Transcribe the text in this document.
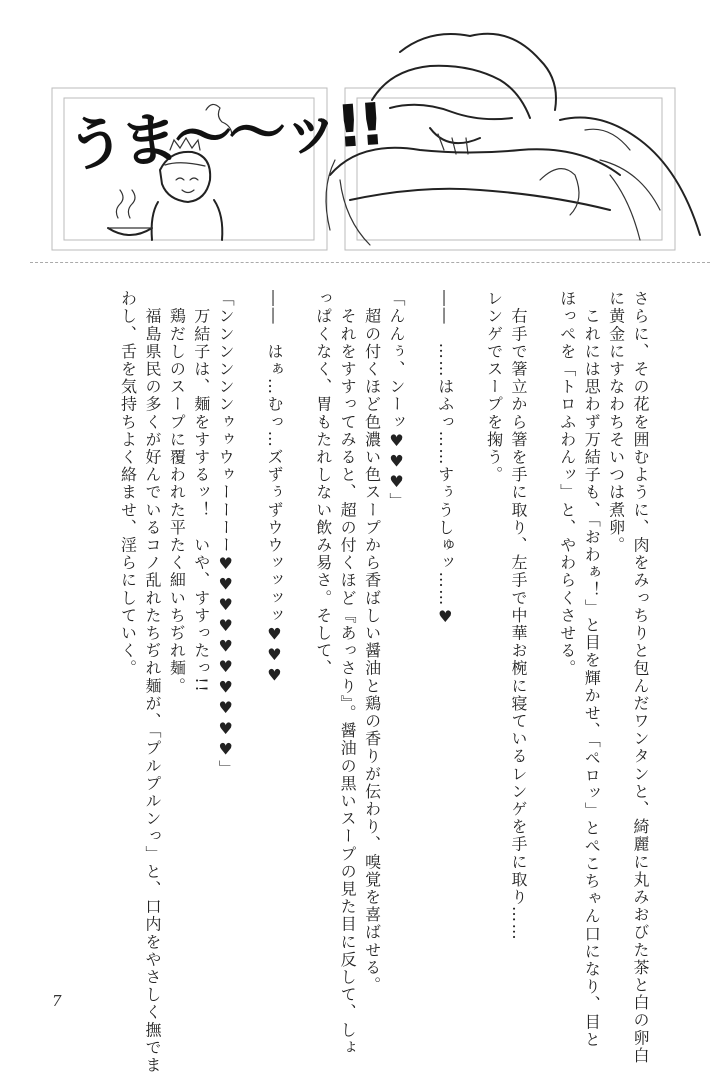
うま〜〜ッ!!
さらに、その花を囲むように、肉をみっちりと包んだワンタンと、綺麗に丸みおびた茶と白の卵白
に黄金にすなわちそいつは煮卵。
　これには思わず万結子も、「おわぁ！」と目を輝かせ、「ペロッ」とぺこちゃん口になり、目と
ほっぺを「トロふわんッ」と、やわらくさせる。
　右手で箸立から箸を手に取り、左手で中華お椀に寝ているレンゲを手に取り……
レンゲでスープを掬う。
――　……はふっ……すぅうしゅッ……♥
「んんぅ、ンーッ♥♥♥」
　超の付くほど色濃い色スープから香ばしい醤油と鶏の香りが伝わり、嗅覚を喜ばせる。
　それをすすってみると、超の付くほど『あっさり』。醤油の黒いスープの見た目に反して、しょ
っぱくなく、胃もたれしない飲み易さ。そして、
――　はぁ…むっ…ズずぅずウウッッッッ♥♥♥
「ンンンンンンゥゥウゥーーーー♥♥♥♥♥♥♥♥♥♥」
　万結子は、麺をすするッ！　いや、すすったっ!!
　鶏だしのスープに覆われた平たく細いちぢれ麺。
　福島県民の多くが好んでいるコノ乱れたちぢれ麺が、「プルプルンっ」と、口内をやさしく撫でま
わし、舌を気持ちよく絡ませ、淫らにしていく。
7
